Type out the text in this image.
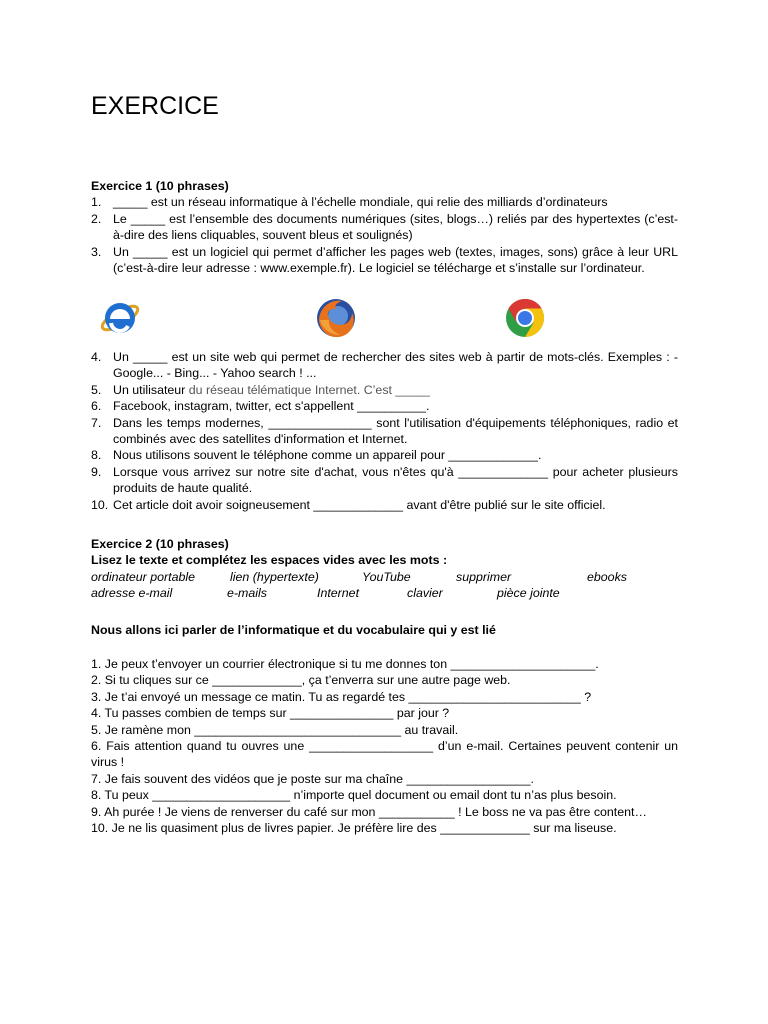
EXERCICE
Exercice 1 (10 phrases)
1. _____ est un réseau informatique à l’échelle mondiale, qui relie des milliards d’ordinateurs
2. Le _____ est l’ensemble des documents numériques (sites, blogs…) reliés par des hypertextes (c’est-à-dire des liens cliquables, souvent bleus et soulignés)
3. Un _____ est un logiciel qui permet d’afficher les pages web (textes, images, sons) grâce à leur URL (c’est-à-dire leur adresse : www.exemple.fr). Le logiciel se télécharge et s’installe sur l’ordinateur.
4. Un _____ est un site web qui permet de rechercher des sites web à partir de mots-clés. Exemples : - Google... - Bing... - Yahoo search ! ...
5. Un utilisateur du réseau télématique Internet. C’est _____
6. Facebook, instagram, twitter, ect s'appellent __________.
7. Dans les temps modernes, _______________ sont l'utilisation d'équipements téléphoniques, radio et combinés avec des satellites d'information et Internet.
8. Nous utilisons souvent le téléphone comme un appareil pour _____________.
9. Lorsque vous arrivez sur notre site d'achat, vous n'êtes qu'à _____________ pour acheter plusieurs produits de haute qualité.
10. Cet article doit avoir soigneusement _____________ avant d'être publié sur le site officiel.
Exercice 2 (10 phrases)
Lisez le texte et complétez les espaces vides avec les mots :
ordinateur portable	lien (hypertexte)	YouTube	supprimer	ebooks
adresse e-mail	e-mails	Internet	clavier	pièce jointe
Nous allons ici parler de l’informatique et du vocabulaire qui y est lié

1. Je peux t’envoyer un courrier électronique si tu me donnes ton _____________________.

2. Si tu cliques sur ce _____________, ça t’enverra sur une autre page web.

3. Je t’ai envoyé un message ce matin. Tu as regardé tes _________________________ ?

4. Tu passes combien de temps sur _______________ par jour ?

5. Je ramène mon ______________________________ au travail.

6. Fais attention quand tu ouvres une __________________ d’un e-mail. Certaines peuvent contenir un virus !

7. Je fais souvent des vidéos que je poste sur ma chaîne __________________.

8. Tu peux ____________________ n’importe quel document ou email dont tu n’as plus besoin.

9. Ah purée ! Je viens de renverser du café sur mon ___________ ! Le boss ne va pas être content…

10. Je ne lis quasiment plus de livres papier. Je préfère lire des _____________ sur ma liseuse.
